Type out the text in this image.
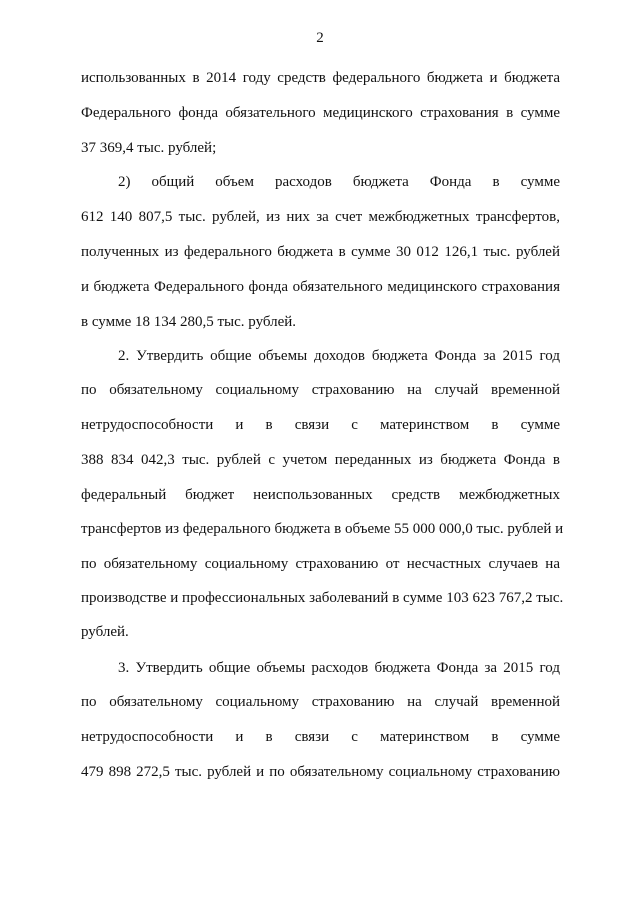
2
использованных в 2014 году средств федерального бюджета и бюджета
Федерального фонда обязательного медицинского страхования в сумме
37 369,4 тыс. рублей;
2) общий объем расходов бюджета Фонда в сумме
612 140 807,5 тыс. рублей, из них за счет межбюджетных трансфертов,
полученных из федерального бюджета в сумме 30 012 126,1 тыс. рублей
и бюджета Федерального фонда обязательного медицинского страхования
в сумме 18 134 280,5 тыс. рублей.
2. Утвердить общие объемы доходов бюджета Фонда за 2015 год
по обязательному социальному страхованию на случай временной
нетрудоспособности и в связи с материнством в сумме
388 834 042,3 тыс. рублей с учетом переданных из бюджета Фонда в
федеральный бюджет неиспользованных средств межбюджетных
трансфертов из федерального бюджета в объеме 55 000 000,0 тыс. рублей и
по обязательному социальному страхованию от несчастных случаев на
производстве и профессиональных заболеваний в сумме 103 623 767,2 тыс.
рублей.
3. Утвердить общие объемы расходов бюджета Фонда за 2015 год
по обязательному социальному страхованию на случай временной
нетрудоспособности и в связи с материнством в сумме
479 898 272,5 тыс. рублей и по обязательному социальному страхованию
